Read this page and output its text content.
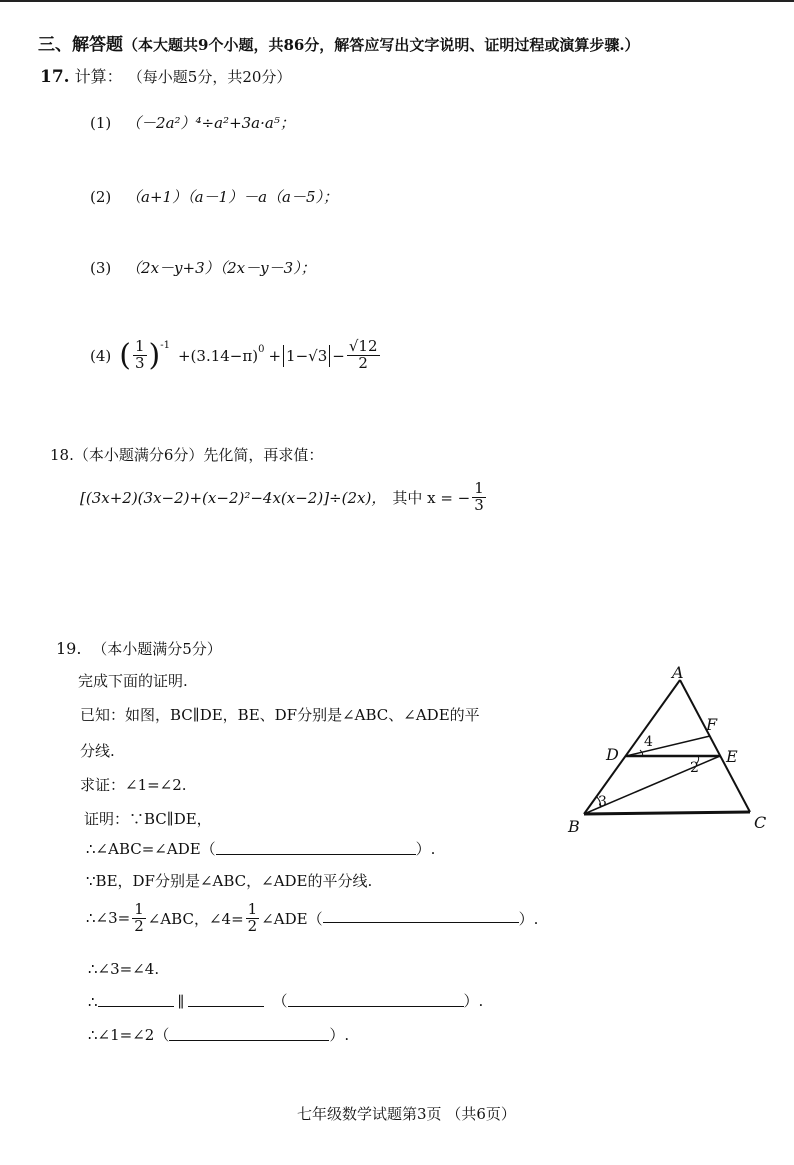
三、解答题（本大题共9个小题，共86分，解答应写出文字说明、证明过程或演算步骤.）
17. 计算： （每小题5分，共20分）
(1) （－2a²）⁴÷a²+3a·a⁵；
(2) （a+1）（a－1）－a（a－5）；
(3) （2x－y+3）（2x－y－3）；
(4) ( $\frac{1}{3} )^{-1}$
$+(3.14-\pi)^0 + 1-√3 - \frac{√12}{2}$
18.（本小题满分6分）先化简，再求值：
[(3x+2)(3x−2)+(x−2)²−4x(x−2)]÷(2x)， 其中 x = − $\frac{1}{3}$
19. （本小题满分5分）
完成下面的证明.
已知：如图，BC∥DE，BE、DF分别是∠ABC、∠ADE的平
分线.
求证：∠1=∠2.
证明：∵BC∥DE，
∴∠ABC=∠ADE（	）.
∵BE，DF分别是∠ABC，∠ADE的平分线.
∴∠3= $\frac{1}{2}$ ∠ABC，∠4= $\frac{1}{2}$ ∠ADE（	）.
∴∠3=∠4.
∴	∥	（	）.
∴∠1=∠2（	）.
A
F
D	E
B	C
4
2
3
七年级数学试题第3页 （共6页）
